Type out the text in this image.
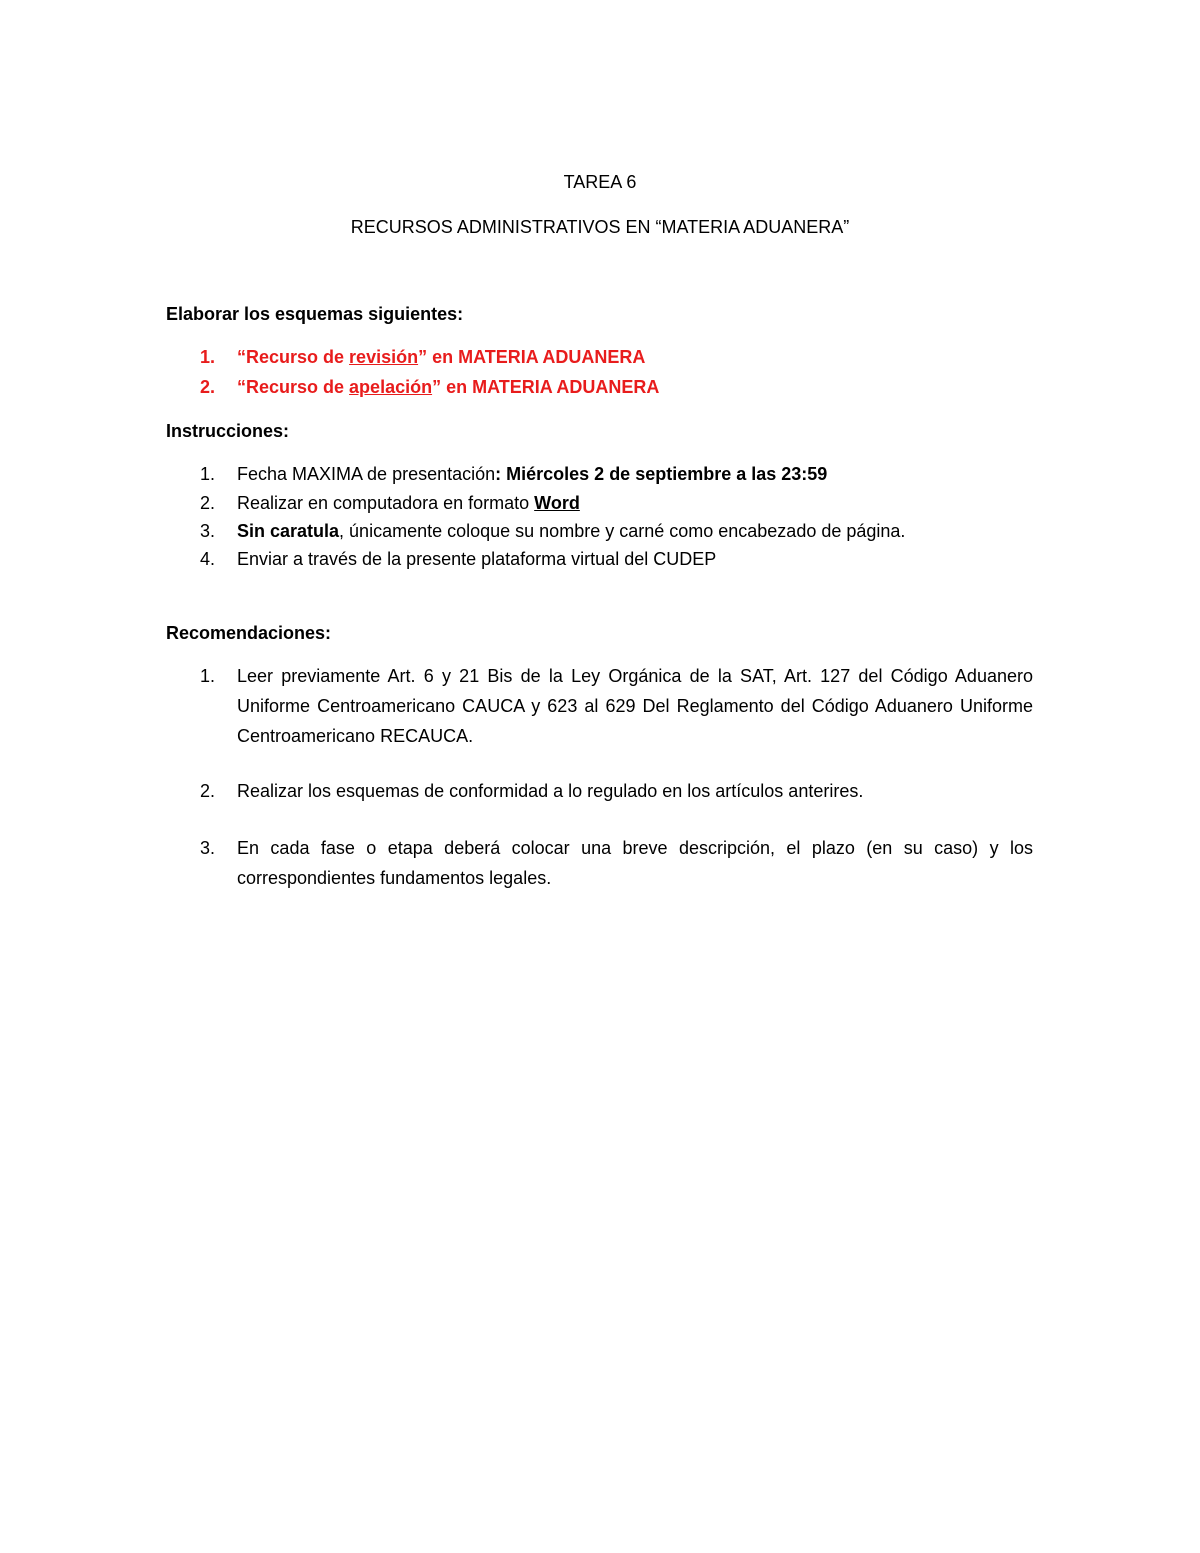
TAREA 6
RECURSOS ADMINISTRATIVOS EN “MATERIA ADUANERA”
Elaborar los esquemas siguientes:
1. “Recurso de revisión” en MATERIA ADUANERA
2. “Recurso de apelación” en MATERIA ADUANERA
Instrucciones:
1. Fecha MAXIMA de presentación: Miércoles 2 de septiembre a las 23:59
2. Realizar en computadora en formato Word
3. Sin caratula, únicamente coloque su nombre y carné como encabezado de página.
4. Enviar a través de la presente plataforma virtual del CUDEP
Recomendaciones:
1. Leer previamente Art. 6 y 21 Bis de la Ley Orgánica de la SAT, Art. 127 del Código Aduanero Uniforme Centroamericano CAUCA y 623 al 629 Del Reglamento del Código Aduanero Uniforme Centroamericano RECAUCA.
2. Realizar los esquemas de conformidad a lo regulado en los artículos anterires.
3. En cada fase o etapa deberá colocar una breve descripción, el plazo (en su caso) y los correspondientes fundamentos legales.
